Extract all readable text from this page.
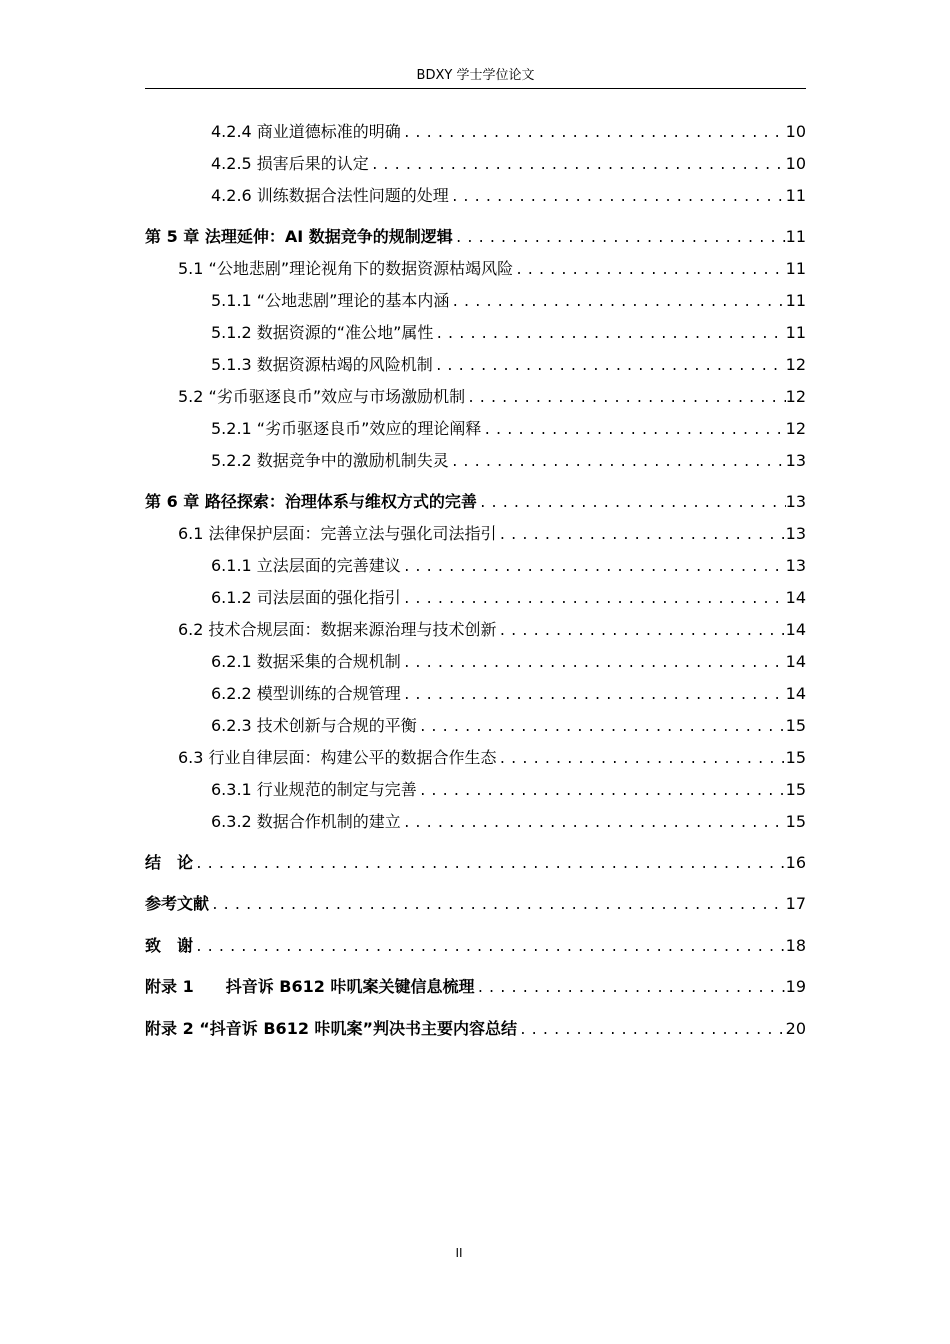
BDXY 学士学位论文
4.2.4 商业道德标准的明确 .....	10
4.2.5 损害后果的认定 .....	10
4.2.6 训练数据合法性问题的处理 .....	11
第 5 章 法理延伸：AI 数据竞争的规制逻辑 .....	11
5.1 “公地悲剧”理论视角下的数据资源枯竭风险 .....	11
5.1.1 “公地悲剧”理论的基本内涵 .....	11
5.1.2 数据资源的“准公地”属性 .....	11
5.1.3 数据资源枯竭的风险机制 .....	12
5.2 “劣币驱逐良币”效应与市场激励机制 .....	12
5.2.1 “劣币驱逐良币”效应的理论阐释 .....	12
5.2.2 数据竞争中的激励机制失灵 .....	13
第 6 章 路径探索：治理体系与维权方式的完善 .....	13
6.1 法律保护层面：完善立法与强化司法指引 .....	13
6.1.1 立法层面的完善建议 .....	13
6.1.2 司法层面的强化指引 .....	14
6.2 技术合规层面：数据来源治理与技术创新 .....	14
6.2.1 数据采集的合规机制 .....	14
6.2.2 模型训练的合规管理 .....	14
6.2.3 技术创新与合规的平衡 .....	15
6.3 行业自律层面：构建公平的数据合作生态 .....	15
6.3.1 行业规范的制定与完善 .....	15
6.3.2 数据合作机制的建立 .....	15
结　论 .....	16
参考文献 .....	17
致　谢 .....	18
附录 1　　抖音诉 B612 咔叽案关键信息梳理 .....	19
附录 2 “抖音诉 B612 咔叽案”判决书主要内容总结 .....	20
II
